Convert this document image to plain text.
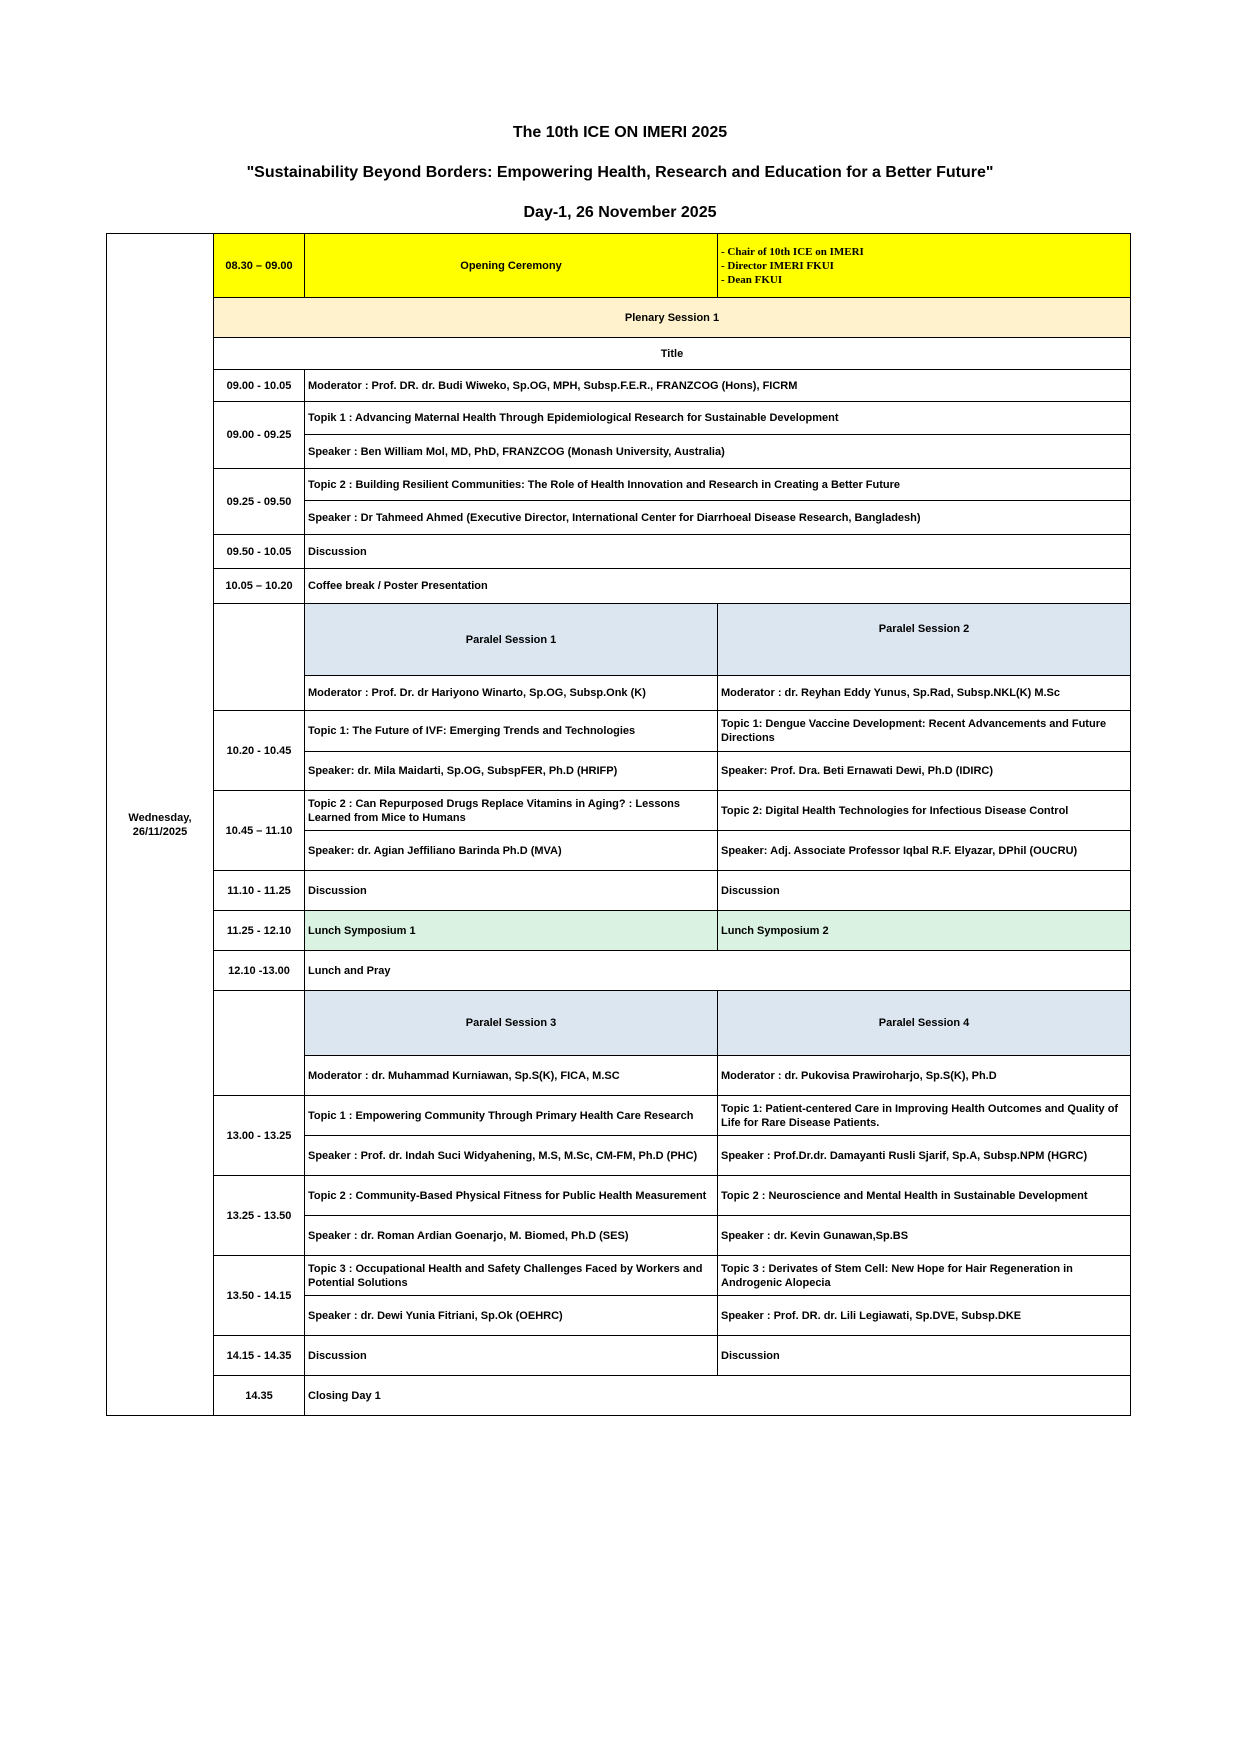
The 10th ICE ON IMERI 2025
"Sustainability Beyond Borders: Empowering Health, Research and Education for a Better Future"
Day-1, 26 November 2025
Wednesday,
26/11/2025	08.30 – 09.00	Opening Ceremony	- Chair of 10th ICE on IMERI
- Director IMERI FKUI
- Dean FKUI

	Plenary Session 1		
	Title		
	09.00 - 10.05	Moderator : Prof. DR. dr. Budi Wiweko, Sp.OG, MPH, Subsp.F.E.R., FRANZCOG (Hons), FICRM	
	09.00 - 09.25	Topik 1 : Advancing Maternal Health Through Epidemiological Research for Sustainable Development	
		Speaker : Ben William Mol, MD, PhD, FRANZCOG (Monash University, Australia)	
	09.25 - 09.50	Topic 2 : Building Resilient Communities: The Role of Health Innovation and Research in Creating a Better Future	
		Speaker : Dr Tahmeed Ahmed (Executive Director, International Center for Diarrhoeal Disease Research, Bangladesh)	
	09.50 - 10.05	Discussion	
	10.05 – 10.20	Coffee break / Poster Presentation	
		Paralel Session 1	Paralel Session 2
		Moderator : Prof. Dr. dr Hariyono Winarto, Sp.OG, Subsp.Onk (K)	Moderator : dr. Reyhan Eddy Yunus, Sp.Rad, Subsp.NKL(K) M.Sc
	10.20 - 10.45	Topic 1: The Future of IVF: Emerging Trends and Technologies	Topic 1: Dengue Vaccine Development: Recent Advancements and Future Directions
		Speaker: dr. Mila Maidarti, Sp.OG, SubspFER, Ph.D (HRIFP)	Speaker: Prof. Dra. Beti Ernawati Dewi, Ph.D (IDIRC)
	10.45 – 11.10	Topic 2 : Can Repurposed Drugs Replace Vitamins in Aging? : Lessons Learned from Mice to Humans	Topic 2: Digital Health Technologies for Infectious Disease Control
		Speaker: dr. Agian Jeffiliano Barinda Ph.D (MVA)	Speaker: Adj. Associate Professor Iqbal R.F. Elyazar, DPhil (OUCRU)
	11.10 - 11.25	Discussion	Discussion
	11.25 - 12.10	Lunch Symposium 1	Lunch Symposium 2
	12.10 -13.00	Lunch and Pray	
		Paralel Session 3	Paralel Session 4
		Moderator : dr. Muhammad Kurniawan, Sp.S(K), FICA, M.SC	Moderator : dr. Pukovisa Prawiroharjo, Sp.S(K), Ph.D
	13.00 - 13.25	Topic 1 : Empowering Community Through Primary Health Care Research	Topic 1: Patient-centered Care in Improving Health Outcomes and Quality of Life for Rare Disease Patients.
		Speaker : Prof. dr. Indah Suci Widyahening, M.S, M.Sc, CM-FM, Ph.D (PHC)	Speaker : Prof.Dr.dr. Damayanti Rusli Sjarif, Sp.A, Subsp.NPM (HGRC)
	13.25 - 13.50	Topic 2 : Community-Based Physical Fitness for Public Health Measurement	Topic 2 : Neuroscience and Mental Health in Sustainable Development
		Speaker : dr. Roman Ardian Goenarjo, M. Biomed, Ph.D (SES)	Speaker : dr. Kevin Gunawan,Sp.BS
	13.50 - 14.15	Topic 3 : Occupational Health and Safety Challenges Faced by Workers and Potential Solutions	Topic 3 : Derivates of Stem Cell: New Hope for Hair Regeneration in Androgenic Alopecia
		Speaker : dr. Dewi Yunia Fitriani, Sp.Ok (OEHRC)	Speaker : Prof. DR. dr. Lili Legiawati, Sp.DVE, Subsp.DKE
	14.15 - 14.35	Discussion	Discussion
	14.35	Closing Day 1	
